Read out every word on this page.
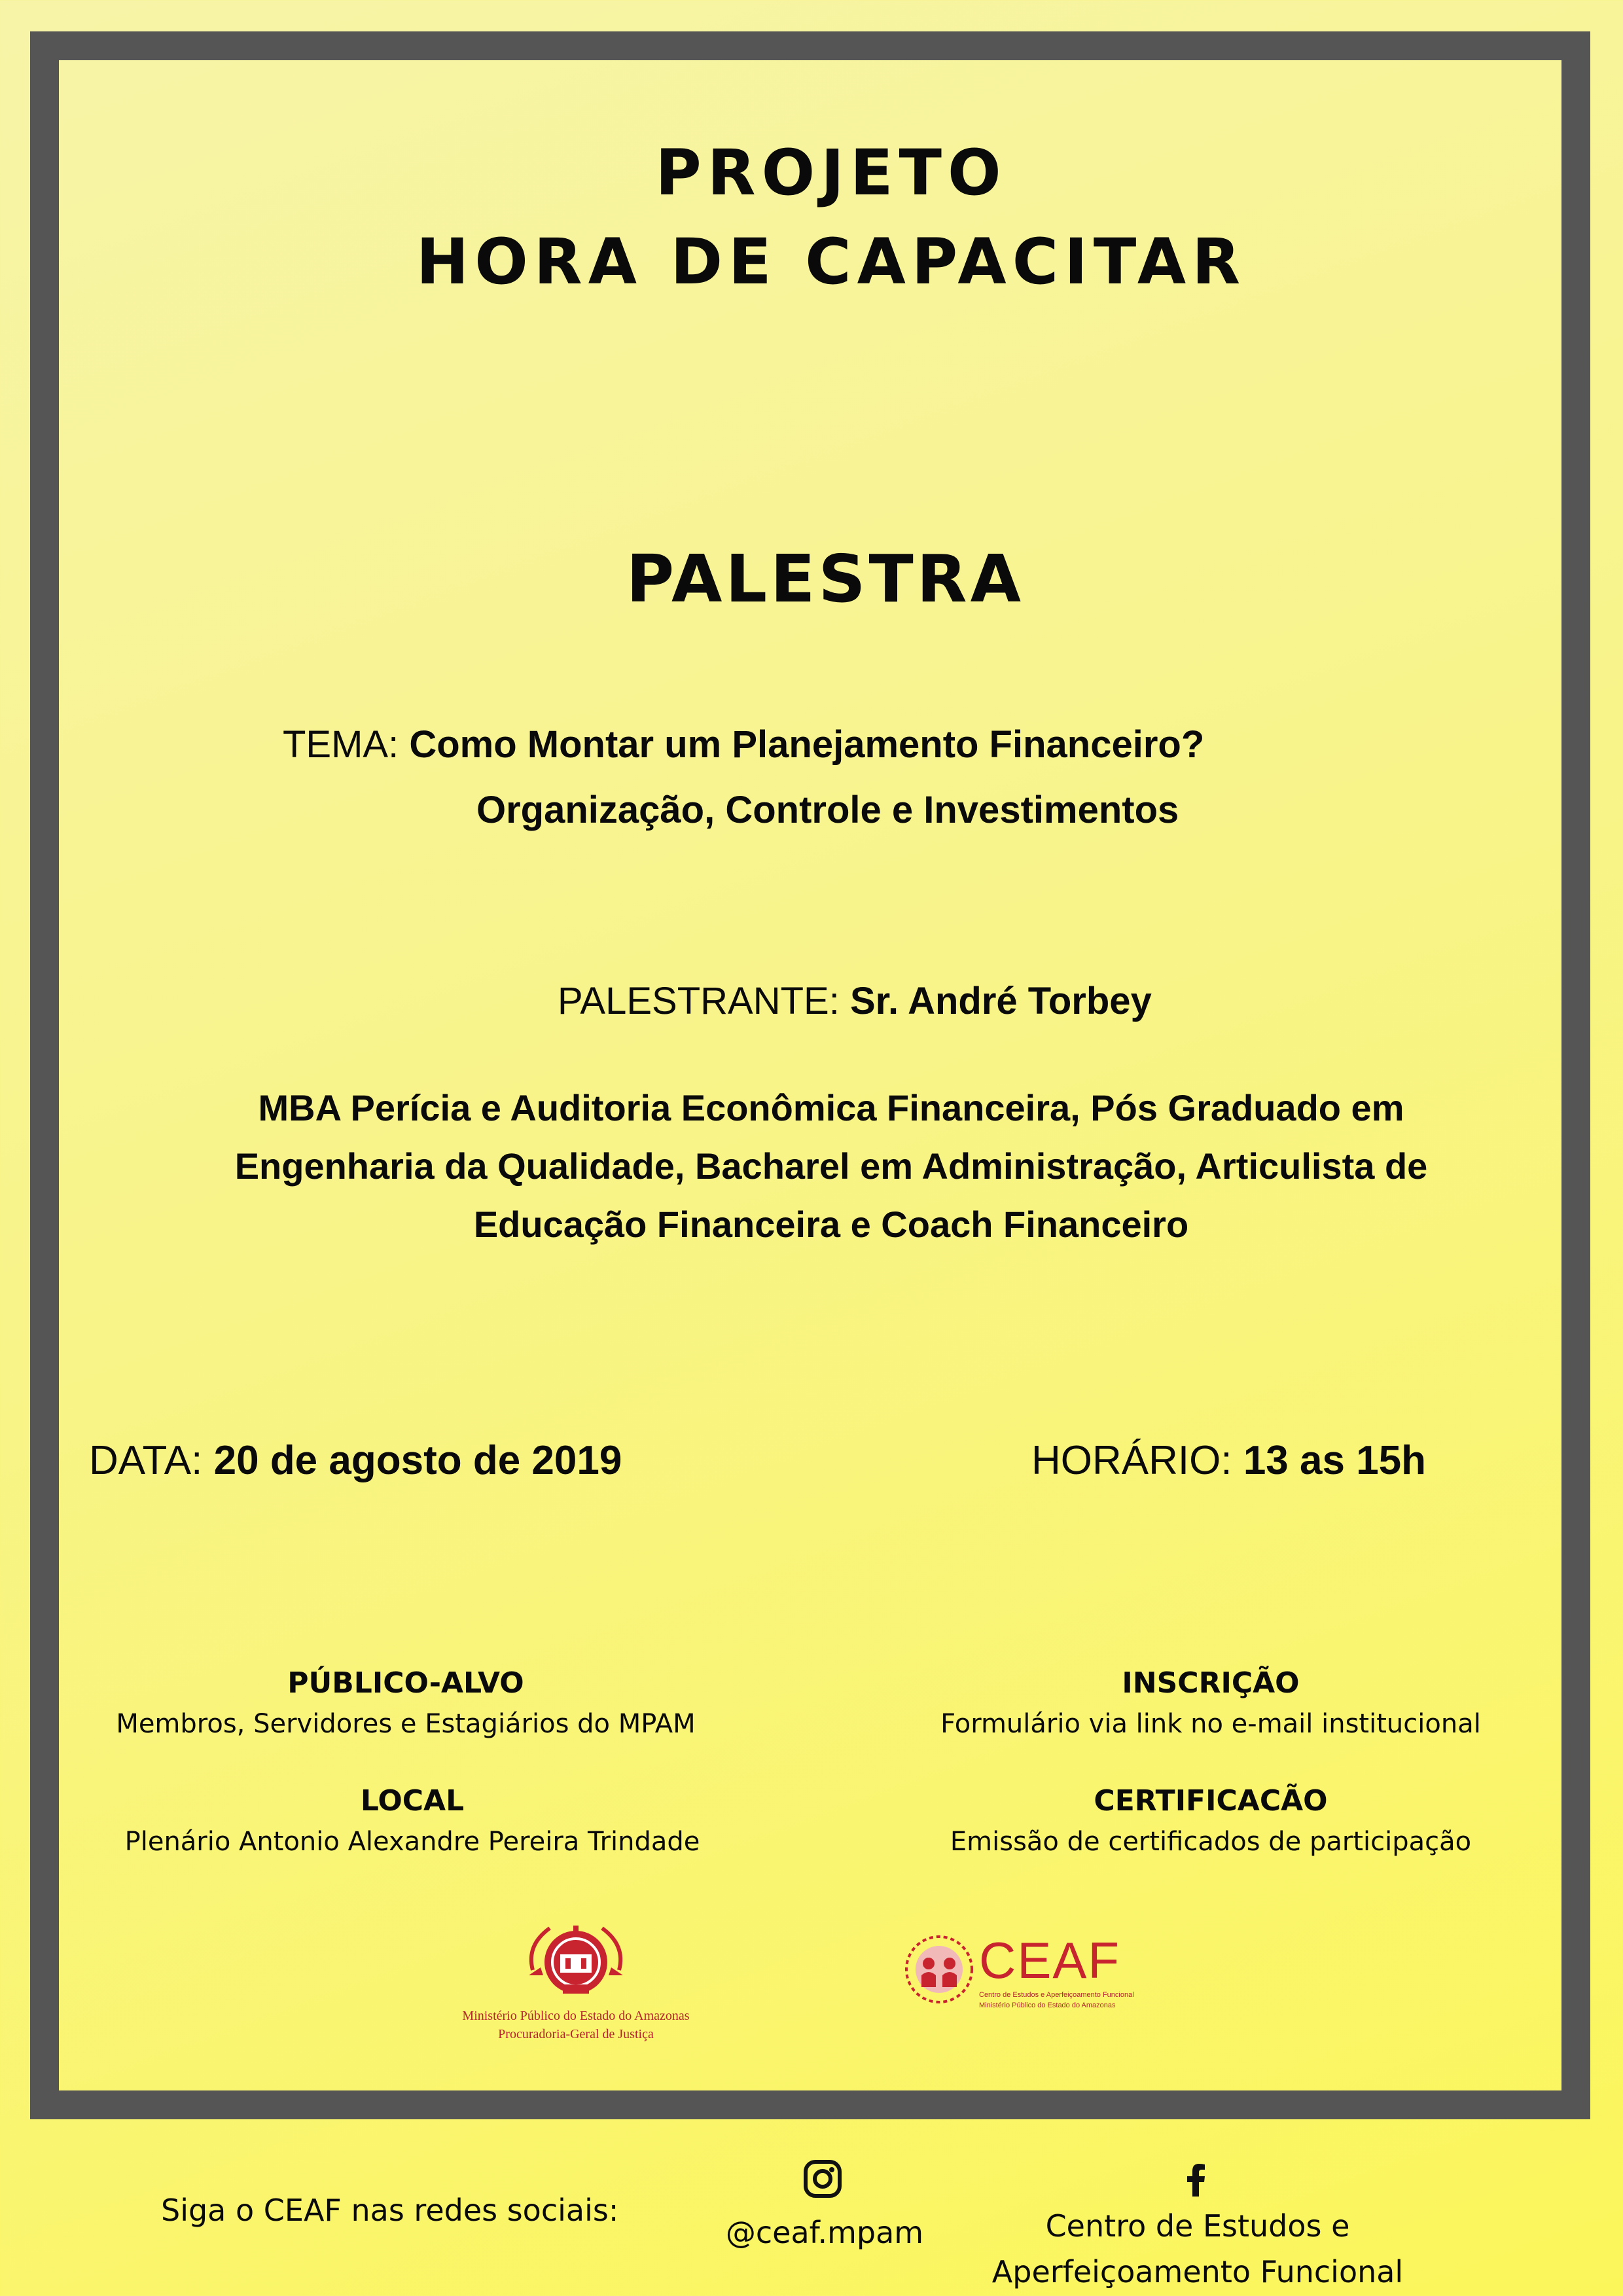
PROJETO
HORA DE CAPACITAR
PALESTRA
TEMA: Como Montar um Planejamento Financeiro?
Organização, Controle e Investimentos
PALESTRANTE: Sr. André Torbey
MBA Perícia e Auditoria Econômica Financeira, Pós Graduado em
Engenharia da Qualidade, Bacharel em Administração, Articulista de
Educação Financeira e Coach Financeiro
DATA: 20 de agosto de 2019	HORÁRIO: 13 as 15h
PÚBLICO-ALVO
Membros, Servidores e Estagiários do MPAM
LOCAL
Plenário Antonio Alexandre Pereira Trindade
INSCRIÇÃO
Formulário via link no e-mail institucional
CERTIFICACÃO
Emissão de certificados de participação
Ministério Público do Estado do Amazonas
Procuradoria-Geral de Justiça
CEAF
Centro de Estudos e Aperfeiçoamento Funcional
Ministério Público do Estado do Amazonas
Siga o CEAF nas redes sociais:
@ceaf.mpam	Centro de Estudos e
Aperfeiçoamento Funcional
